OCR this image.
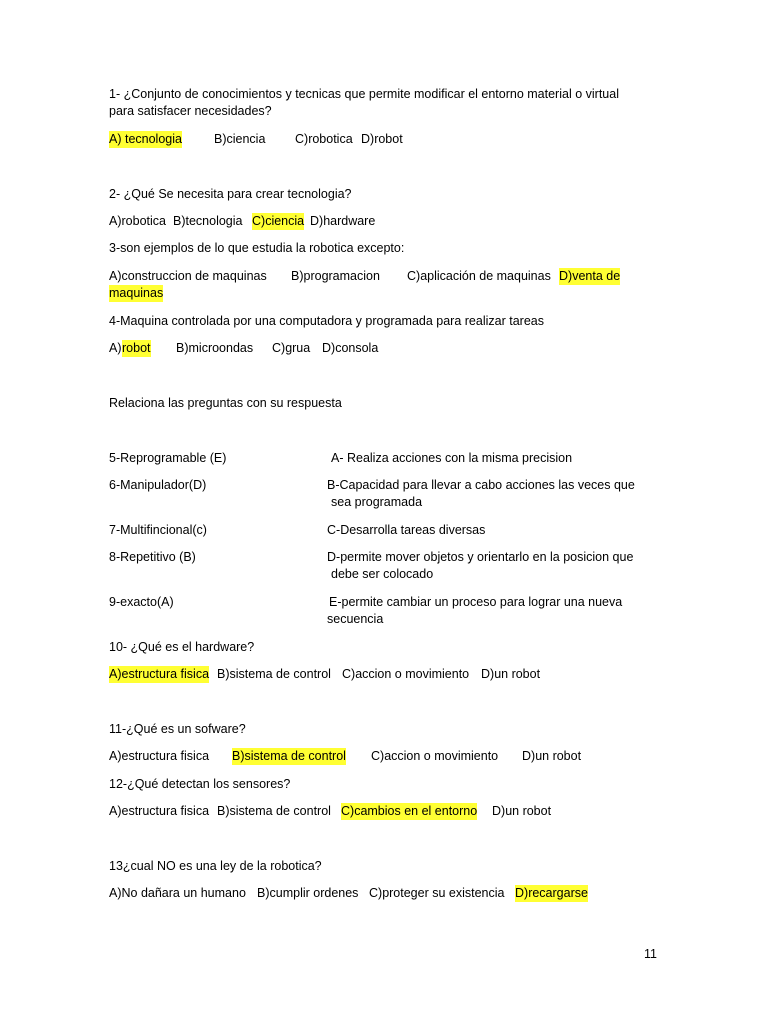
1- ¿Conjunto de conocimientos y tecnicas que permite modificar el entorno material o virtual
para satisfacer necesidades?
A) tecnologia	B)ciencia C)robotica D)robot
2- ¿Qué Se necesita para crear tecnologia?
A)robotica B)tecnologia C)ciencia D)hardware
3-son ejemplos de lo que estudia la robotica excepto:
A)construccion de maquinas B)programacion C)aplicación de maquinas D)venta de
maquinas
4-Maquina controlada por una computadora y programada para realizar tareas
A) robot B)microondas C)grua D)consola
Relaciona las preguntas con su respuesta
5-Reprogramable (E)	A- Realiza acciones con la misma precision
6-Manipulador(D)	B-Capacidad para llevar a cabo acciones las veces que
sea programada
7-Multifincional(c)	C-Desarrolla tareas diversas
8-Repetitivo (B)	D-permite mover objetos y orientarlo en la posicion que
debe ser colocado
9-exacto(A)	E-permite cambiar un proceso para lograr una nueva
secuencia
10- ¿Qué es el hardware?
A)estructura fisica B)sistema de control C)accion o movimiento D)un robot
11-¿Qué es un sofware?
A)estructura fisica B)sistema de control C)accion o movimiento D)un robot
12-¿Qué detectan los sensores?
A)estructura fisica B)sistema de control C)cambios en el entorno D)un robot
13¿cual NO es una ley de la robotica?
A)No dañara un humano B)cumplir ordenes C)proteger su existencia D)recargarse
11
